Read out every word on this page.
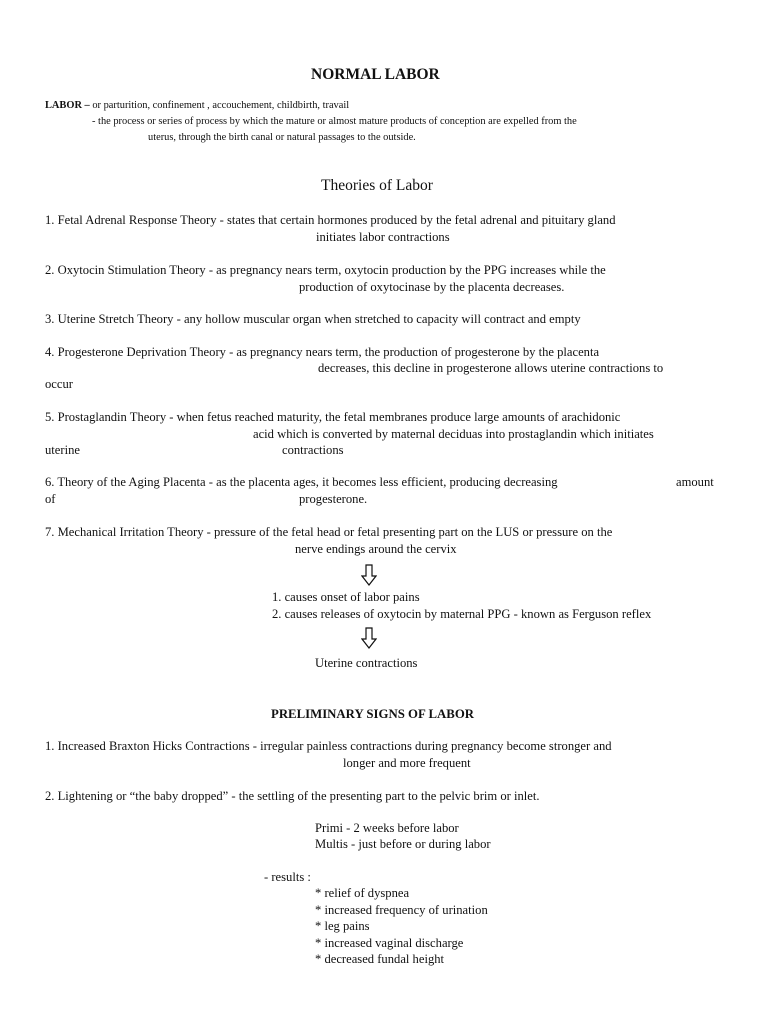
NORMAL LABOR
LABOR – or parturition, confinement , accouchement, childbirth, travail
- the process or series of process by which the mature or almost mature products of conception are expelled from the
uterus, through the birth canal or natural passages to the outside.
Theories of Labor
1. Fetal Adrenal Response Theory - states that certain hormones produced by the fetal adrenal and pituitary gland
initiates labor contractions
2. Oxytocin Stimulation Theory - as pregnancy nears term, oxytocin production by the PPG increases while the
production of oxytocinase by the placenta decreases.
3. Uterine Stretch Theory - any hollow muscular organ when stretched to capacity will contract and empty
4. Progesterone Deprivation Theory - as pregnancy nears term, the production of progesterone by the placenta
decreases, this decline in progesterone allows uterine contractions to
occur
5. Prostaglandin Theory - when fetus reached maturity, the fetal membranes produce large amounts of arachidonic
acid which is converted by maternal deciduas into prostaglandin which initiates
uterine	contractions
6. Theory of the Aging Placenta - as the placenta ages, it becomes less efficient, producing decreasing	amount
of	progesterone.
7. Mechanical Irritation Theory - pressure of the fetal head or fetal presenting part on the LUS or pressure on the
nerve endings around the cervix
1. causes onset of labor pains
2. causes releases of oxytocin by maternal PPG - known as Ferguson reflex
Uterine contractions
PRELIMINARY SIGNS OF LABOR
1. Increased Braxton Hicks Contractions - irregular painless contractions during pregnancy become stronger and
longer and more frequent
2. Lightening or “the baby dropped” - the settling of the presenting part to the pelvic brim or inlet.
Primi - 2 weeks before labor
Multis - just before or during labor
- results :
* relief of dyspnea
* increased frequency of urination
* leg pains
* increased vaginal discharge
* decreased fundal height
